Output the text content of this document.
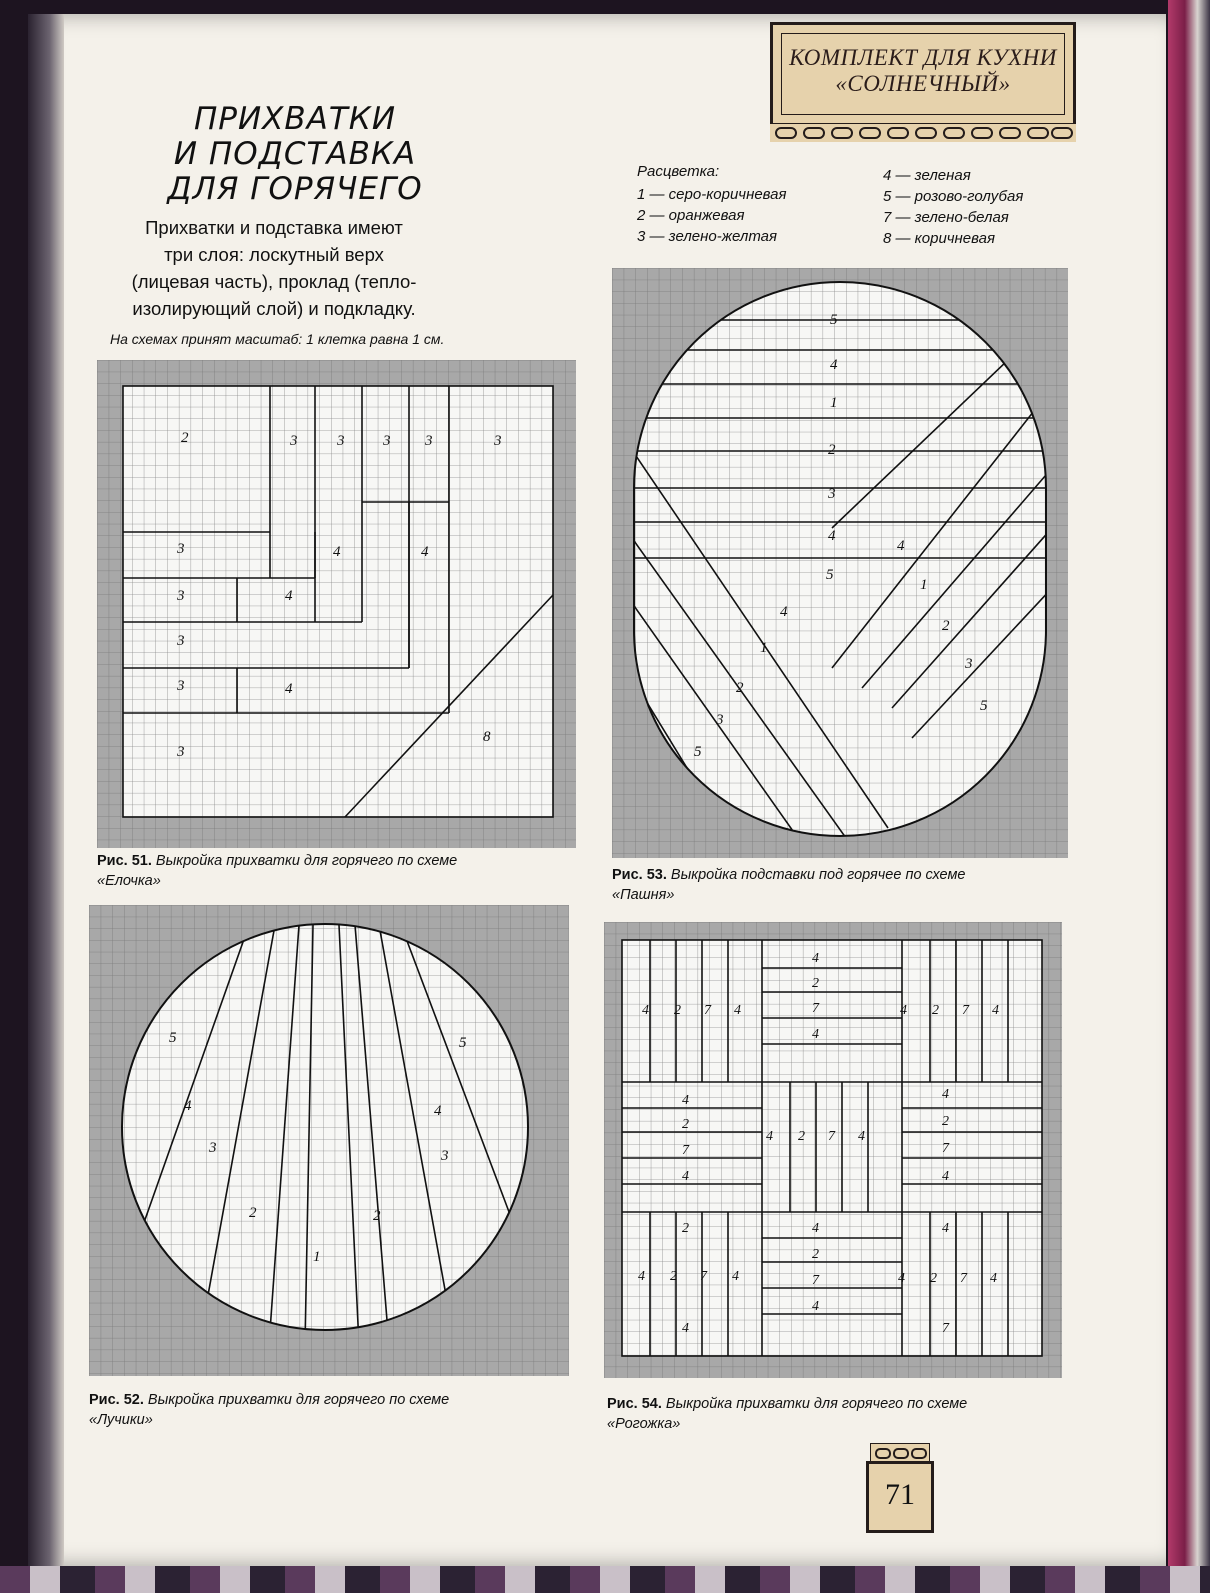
КОМПЛЕКТ ДЛЯ КУХНИ
«СОЛНЕЧНЫЙ»
ПРИХВАТКИ
И ПОДСТАВКА
ДЛЯ ГОРЯЧЕГО
Прихватки и подставка имеют
три слоя: лоскутный верх
(лицевая часть), проклад (тепло-
изолирующий слой) и подкладку.
На схемах принят масштаб: 1 клетка равна 1 см.
Расцветка:
1 — серо-коричневая
2 — оранжевая
3 — зелено-желтая
4 — зеленая
5 — розово-голубая
7 — зелено-белая
8 — коричневая
2	3	3	3 3	3
3	4	4
3	4
3
3	4
8
3
Рис. 51. Выкройка прихватки для горячего по схеме
«Елочка»
5	5
4	4
3	3
2	2
1
Рис. 52. Выкройка прихватки для горячего по схеме
«Лучики»
5
4
1
2
3
4
5
4
1
2
3
5
4
1
2
3
5
Рис. 53. Выкройка подставки под горячее по схеме
«Пашня»
4
2
7
4
4 2 7 4	4 2 7 4
4
2
7
4
4 2 7 4
4
2
7
4
4
2
7
4
4 2 7 4	4 2 7 4
4
2
7
4
Рис. 54. Выкройка прихватки для горячего по схеме
«Рогожка»
71
